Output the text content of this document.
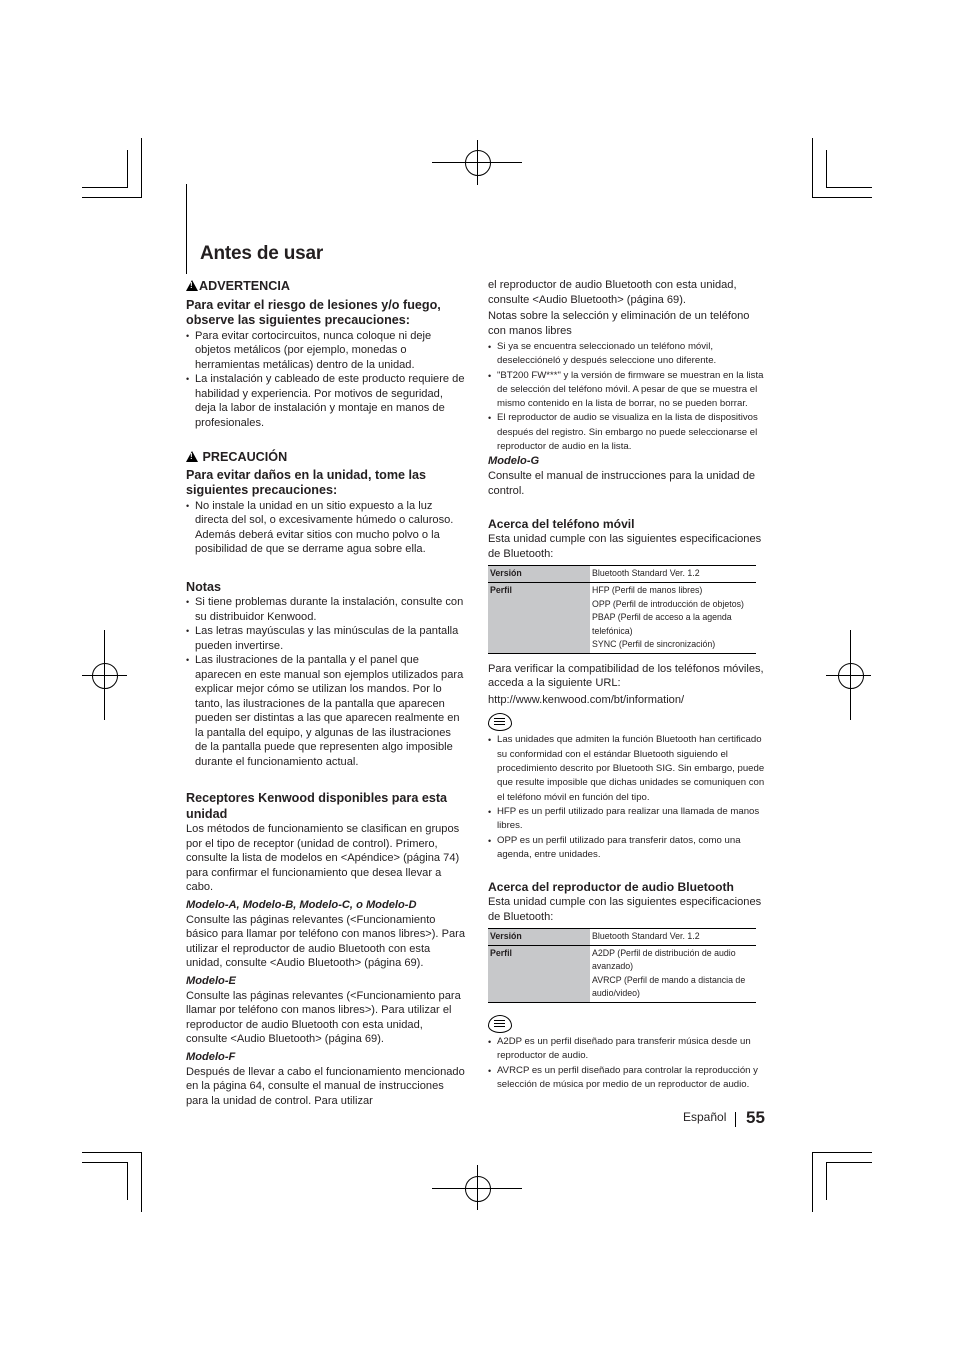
Antes de usar
!ADVERTENCIA
Para evitar el riesgo de lesiones y/o fuego, observe las siguientes precauciones:
• Para evitar cortocircuitos, nunca coloque ni deje objetos metálicos (por ejemplo, monedas o herramientas metálicas) dentro de la unidad.
• La instalación y cableado de este producto requiere de habilidad y experiencia. Por motivos de seguridad, deja la labor de instalación y montaje en manos de profesionales.
! PRECAUCIÓN
Para evitar daños en la unidad, tome las siguientes precauciones:
• No instale la unidad en un sitio expuesto a la luz directa del sol, o excesivamente húmedo o caluroso. Además deberá evitar sitios con mucho polvo o la posibilidad de que se derrame agua sobre ella.
Notas
• Si tiene problemas durante la instalación, consulte con su distribuidor Kenwood.
• Las letras mayúsculas y las minúsculas de la pantalla pueden invertirse.
• Las ilustraciones de la pantalla y el panel que aparecen en este manual son ejemplos utilizados para explicar mejor cómo se utilizan los mandos. Por lo tanto, las ilustraciones de la pantalla que aparecen pueden ser distintas a las que aparecen realmente en la pantalla del equipo, y algunas de las ilustraciones de la pantalla puede que representen algo imposible durante el funcionamiento actual.
Receptores Kenwood disponibles para esta unidad

Los métodos de funcionamiento se clasifican en grupos por el tipo de receptor (unidad de control). Primero, consulte la lista de modelos en <Apéndice> (página 74) para confirmar el funcionamiento que desea llevar a cabo.

Modelo-A, Modelo-B, Modelo-C, o Modelo-D

Consulte las páginas relevantes (<Funcionamiento básico para llamar por teléfono con manos libres>). Para utilizar el reproductor de audio Bluetooth con esta unidad, consulte <Audio Bluetooth> (página 69).

Modelo-E

Consulte las páginas relevantes (<Funcionamiento para llamar por teléfono con manos libres>). Para utilizar el reproductor de audio Bluetooth con esta unidad, consulte <Audio Bluetooth> (página 69).

Modelo-F

Después de llevar a cabo el funcionamiento mencionado en la página 64, consulte el manual de instrucciones para la unidad de control. Para utilizar

el reproductor de audio Bluetooth con esta unidad, consulte <Audio Bluetooth> (página 69).

Notas sobre la selección y eliminación de un teléfono con manos libres

• Si ya se encuentra seleccionado un teléfono móvil, deseleccióneló y después seleccione uno diferente.
• "BT200 FW***" y la versión de firmware se muestran en la lista de selección del teléfono móvil. A pesar de que se muestra el mismo contenido en la lista de borrar, no se pueden borrar.
• El reproductor de audio se visualiza en la lista de dispositivos después del registro. Sin embargo no puede seleccionarse el reproductor de audio en la lista.
Modelo-G

Consulte el manual de instrucciones para la unidad de control.

Acerca del teléfono móvil

Esta unidad cumple con las siguientes especificaciones de Bluetooth:

Versión	Bluetooth Standard Ver. 1.2
Perfil	HFP (Perfil de manos libres)
OPP (Perfil de introducción de objetos)
PBAP (Perfil de acceso a la agenda telefónica)
SYNC (Perfil de sincronización)

Para verificar la compatibilidad de los teléfonos móviles, acceda a la siguiente URL:

http://www.kenwood.com/bt/information/

• Las unidades que admiten la función Bluetooth han certificado su conformidad con el estándar Bluetooth siguiendo el procedimiento descrito por Bluetooth SIG. Sin embargo, puede que resulte imposible que dichas unidades se comuniquen con el teléfono móvil en función del tipo.
• HFP es un perfil utilizado para realizar una llamada de manos libres.
• OPP es un perfil utilizado para transferir datos, como una agenda, entre unidades.
Acerca del reproductor de audio Bluetooth

Esta unidad cumple con las siguientes especificaciones de Bluetooth:

Versión	Bluetooth Standard Ver. 1.2
Perfil	A2DP (Perfil de distribución de audio avanzado)
AVRCP (Perfil de mando a distancia de audio/video)
• A2DP es un perfil diseñado para transferir música desde un reproductor de audio.
• AVRCP es un perfil diseñado para controlar la reproducción y selección de música por medio de un reproductor de audio.
Español 55
